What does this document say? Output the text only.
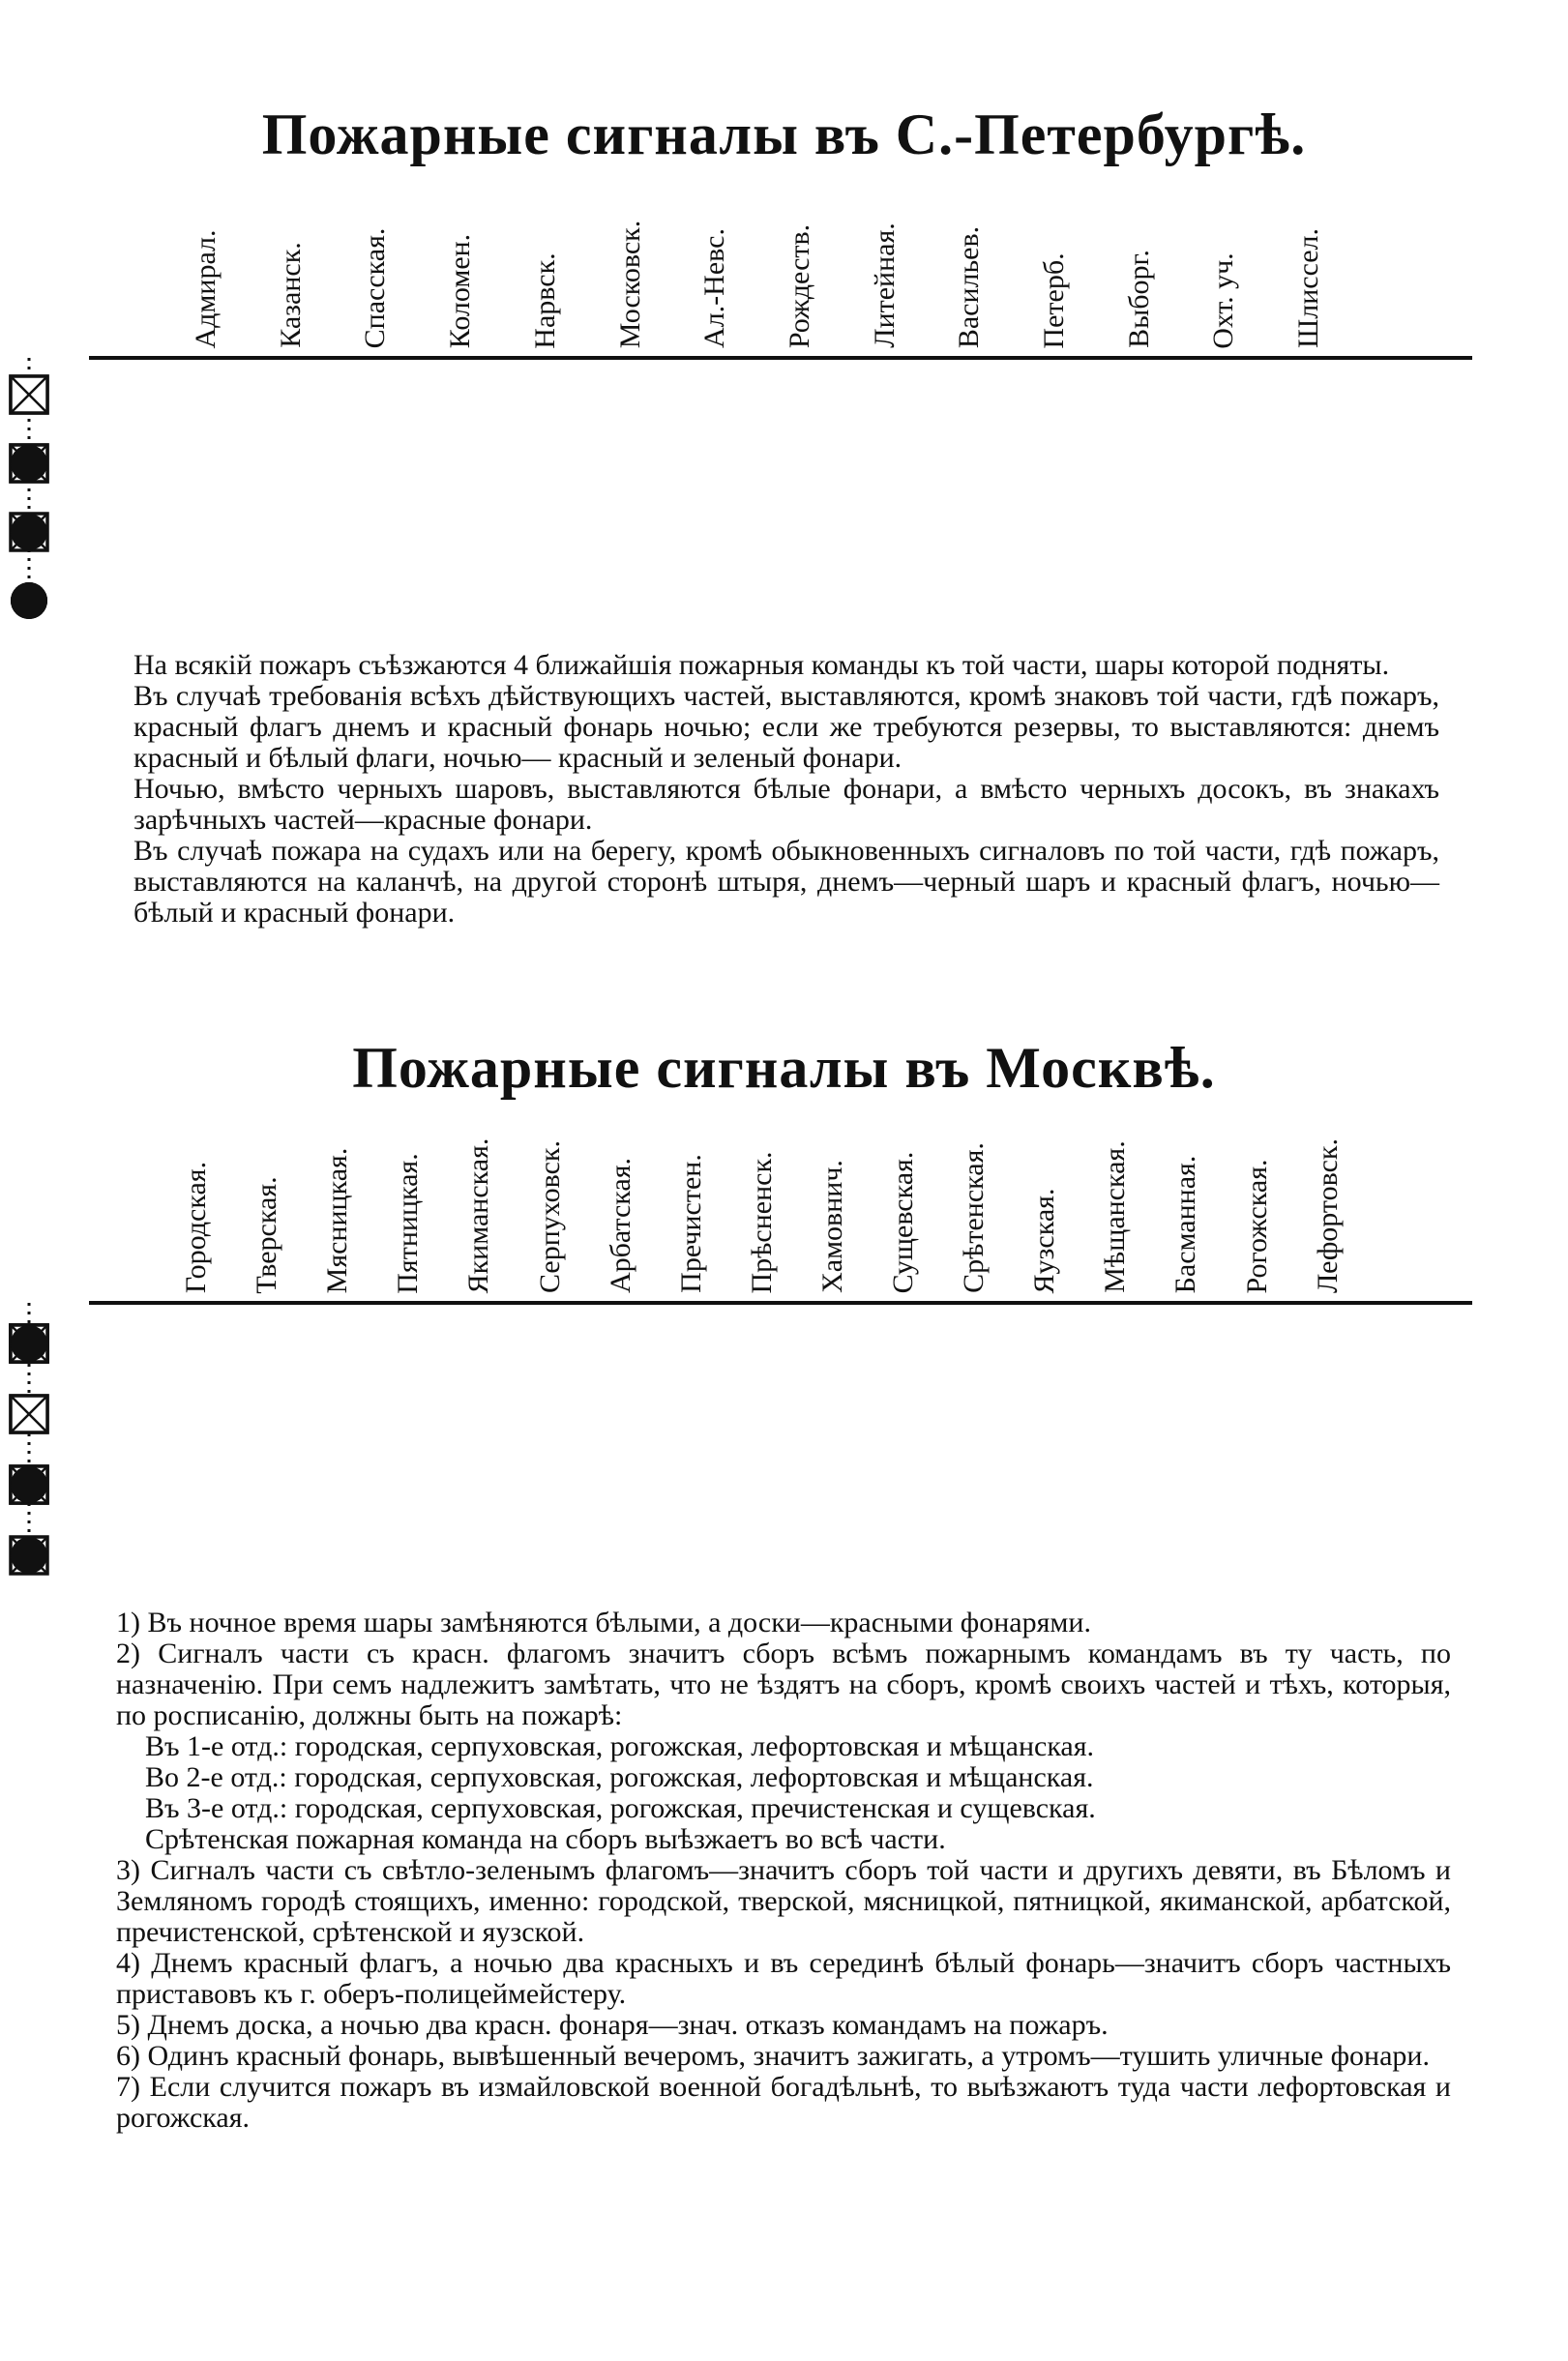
Пожарные сигналы въ С.-Петербургѣ.
Адмирал. Казанск. Спасская. Коломен. Нарвск. Московск. Ал.-Невс. Рождеств. Литейная. Васильев. Петерб. Выборг. Охт. уч. Шлиссел.

На всякій пожаръ съѣзжаются 4 ближайшія пожарныя команды къ той части, шары которой подняты.

Въ случаѣ требованія всѣхъ дѣйствующихъ частей, выставляются, кромѣ знаковъ той части, гдѣ пожаръ, красный флагъ днемъ и красный фонарь ночью; если же требуются резервы, то выставляются: днемъ красный и бѣлый флаги, ночью— красный и зеленый фонари.

Ночью, вмѣсто черныхъ шаровъ, выставляются бѣлые фонари, а вмѣсто черныхъ досокъ, въ знакахъ зарѣчныхъ частей—красные фонари.

Въ случаѣ пожара на судахъ или на берегу, кромѣ обыкновенныхъ сигналовъ по той части, гдѣ пожаръ, выставляются на каланчѣ, на другой сторонѣ штыря, днемъ—черный шаръ и красный флагъ, ночью—бѣлый и красный фонари.

Пожарные сигналы въ Москвѣ.
Городская. Тверская. Мясницкая. Пятницкая. Якиманская. Серпуховск. Арбатская. Пречистен. Прѣсненск. Хамовнич. Сущевская. Срѣтенская. Яузская. Мѣщанская. Басманная. Рогожская. Лефортовск.

1) Въ ночное время шары замѣняются бѣлыми, а доски—красными фонарями.

2) Сигналъ части съ красн. флагомъ значитъ сборъ всѣмъ пожарнымъ командамъ въ ту часть, по назначенію. При семъ надлежитъ замѣтать, что не ѣздятъ на сборъ, кромѣ своихъ частей и тѣхъ, которыя, по росписанію, должны быть на пожарѣ:

Въ 1-е отд.: городская, серпуховская, рогожская, лефортовская и мѣщанская.

Во 2-е отд.: городская, серпуховская, рогожская, лефортовская и мѣщанская.

Въ 3-е отд.: городская, серпуховская, рогожская, пречистенская и сущевская.

Срѣтенская пожарная команда на сборъ выѣзжаетъ во всѣ части.

3) Сигналъ части съ свѣтло-зеленымъ флагомъ—значитъ сборъ той части и другихъ девяти, въ Бѣломъ и Земляномъ городѣ стоящихъ, именно: городской, тверской, мясницкой, пятницкой, якиманской, арбатской, пречистенской, срѣтенской и яузской.

4) Днемъ красный флагъ, а ночью два красныхъ и въ серединѣ бѣлый фонарь—значитъ сборъ частныхъ приставовъ къ г. оберъ-полицеймейстеру.

5) Днемъ доска, а ночью два красн. фонаря—знач. отказъ командамъ на пожаръ.

6) Одинъ красный фонарь, вывѣшенный вечеромъ, значитъ зажигать, а утромъ—тушить уличные фонари.

7) Если случится пожаръ въ измайловской военной богадѣльнѣ, то выѣзжаютъ туда части лефортовская и рогожская.
